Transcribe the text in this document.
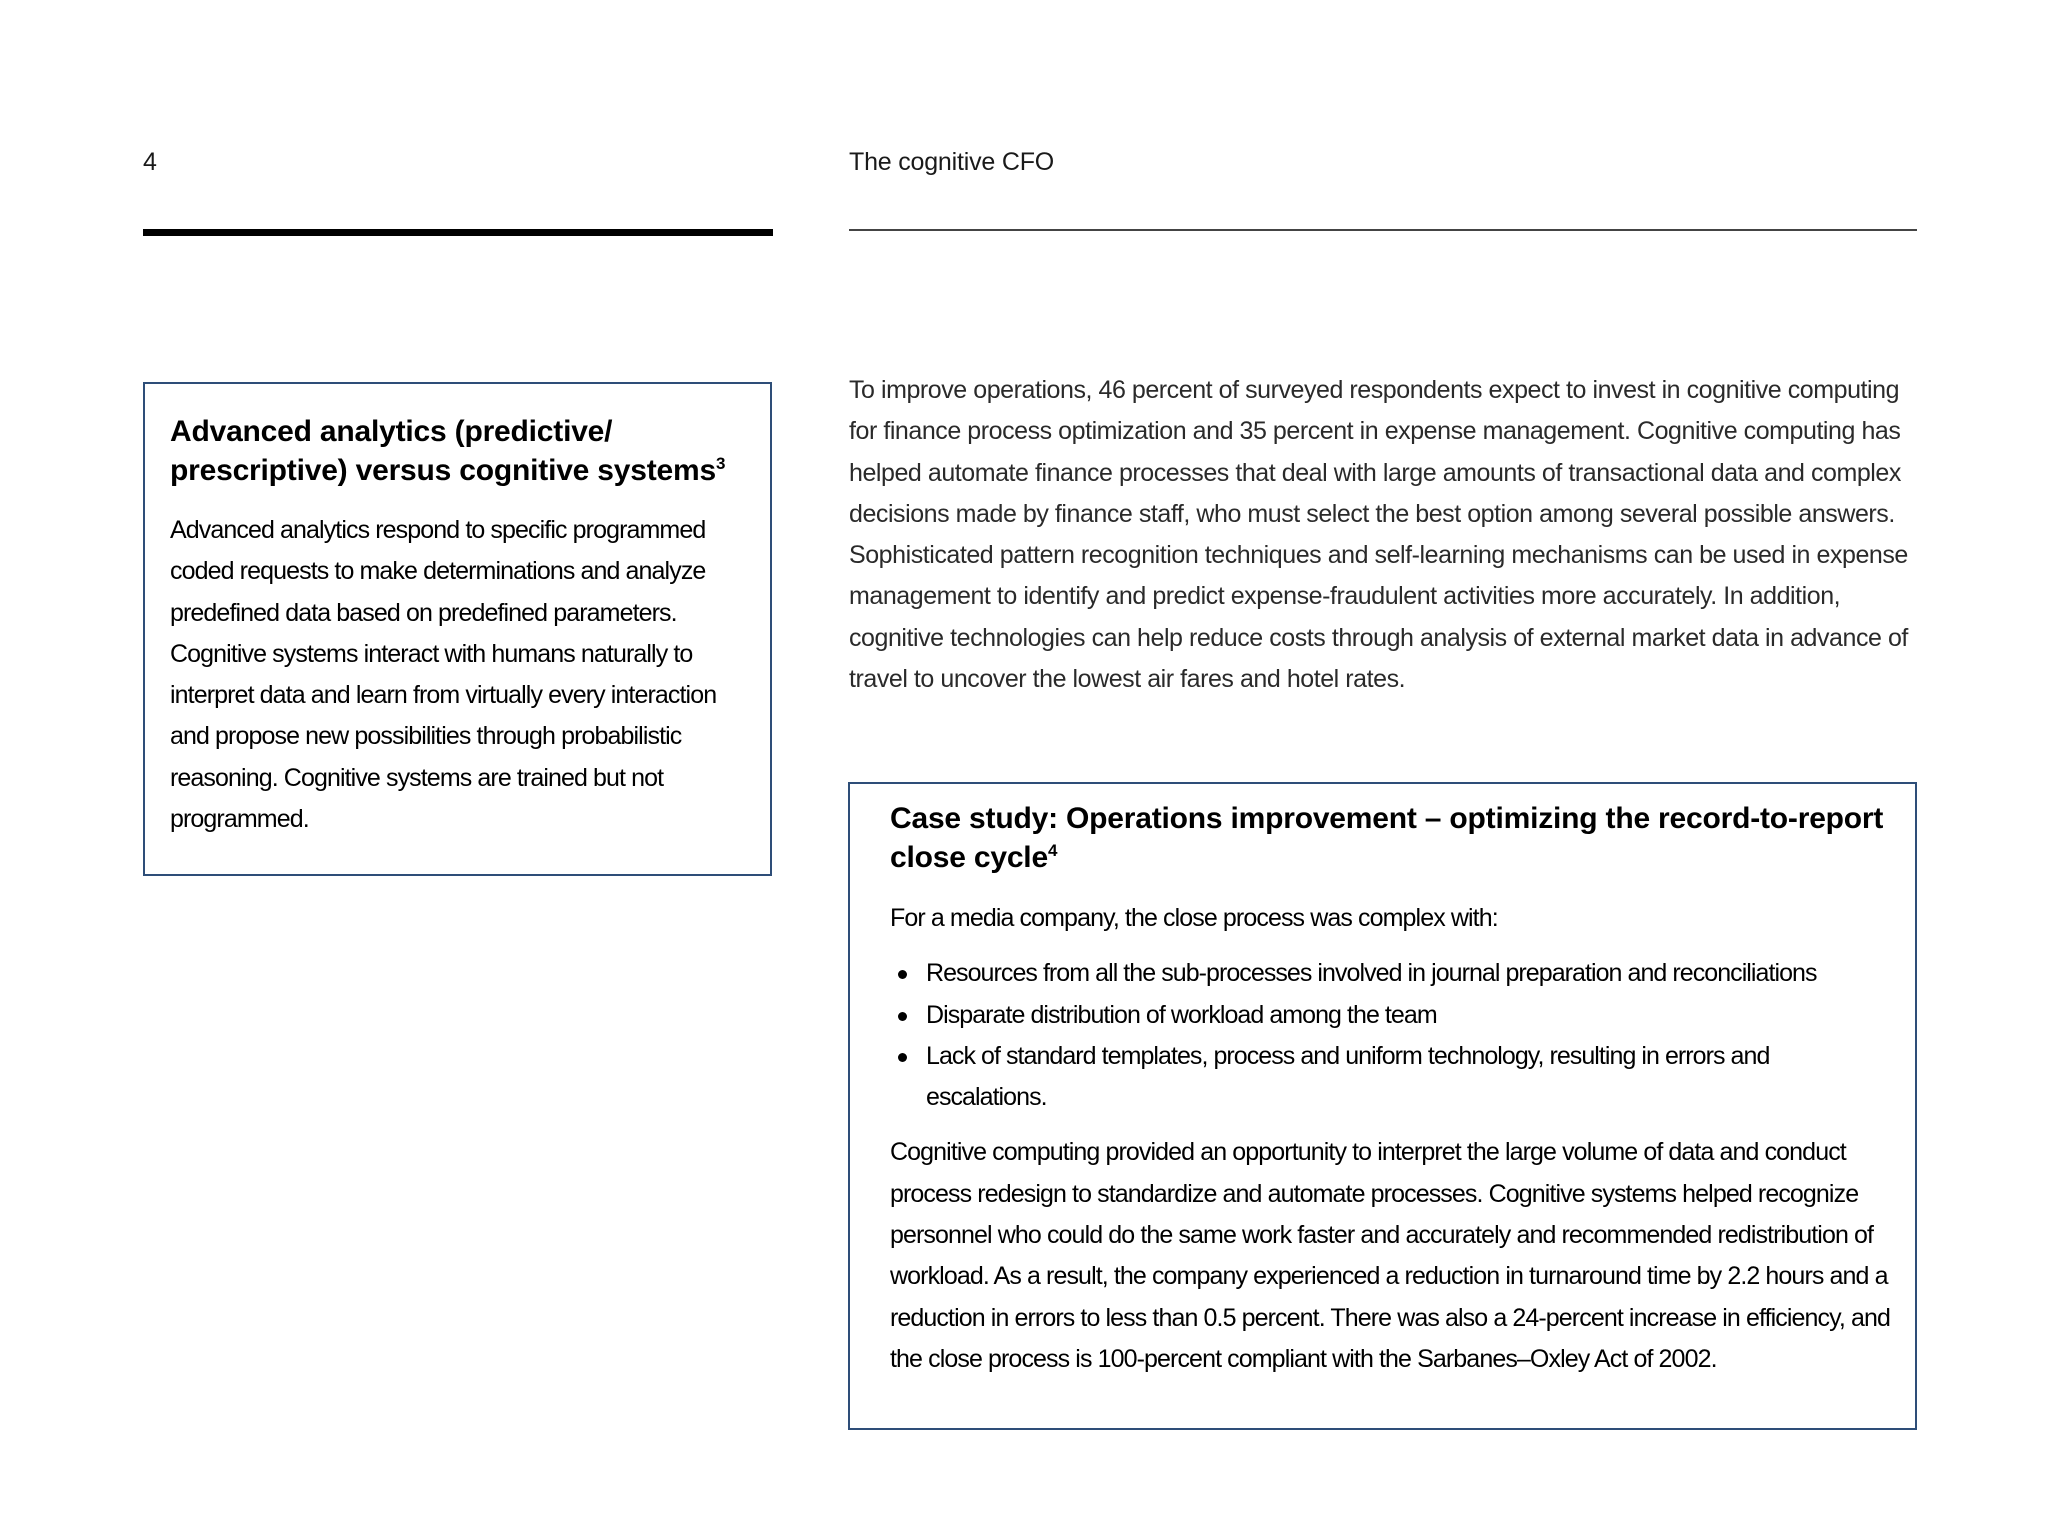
4	The cognitive CFO
Advanced analytics (predictive/ prescriptive) versus cognitive systems$^3$

Advanced analytics respond to specific programmed coded requests to make determinations and analyze predefined data based on predefined parameters. Cognitive systems interact with humans naturally to interpret data and learn from virtually every interaction and propose new possibilities through probabilistic reasoning. Cognitive systems are trained but not programmed.

To improve operations, 46 percent of surveyed respondents expect to invest in cognitive computing for finance process optimization and 35 percent in expense management. Cognitive computing has helped automate finance processes that deal with large amounts of transactional data and complex decisions made by finance staff, who must select the best option among several possible answers. Sophisticated pattern recognition techniques and self-learning mechanisms can be used in expense management to identify and predict expense-fraudulent activities more accurately. In addition, cognitive technologies can help reduce costs through analysis of external market data in advance of travel to uncover the lowest air fares and hotel rates.

Case study: Operations improvement – optimizing the record-to-report close cycle$^4$

For a media company, the close process was complex with:

Resources from all the sub-processes involved in journal preparation and reconciliations
Disparate distribution of workload among the team
Lack of standard templates, process and uniform technology, resulting in errors and escalations.

Cognitive computing provided an opportunity to interpret the large volume of data and conduct process redesign to standardize and automate processes. Cognitive systems helped recognize personnel who could do the same work faster and accurately and recommended redistribution of workload. As a result, the company experienced a reduction in turnaround time by 2.2 hours and a reduction in errors to less than 0.5 percent. There was also a 24-percent increase in efficiency, and the close process is 100-percent compliant with the Sarbanes–Oxley Act of 2002.
